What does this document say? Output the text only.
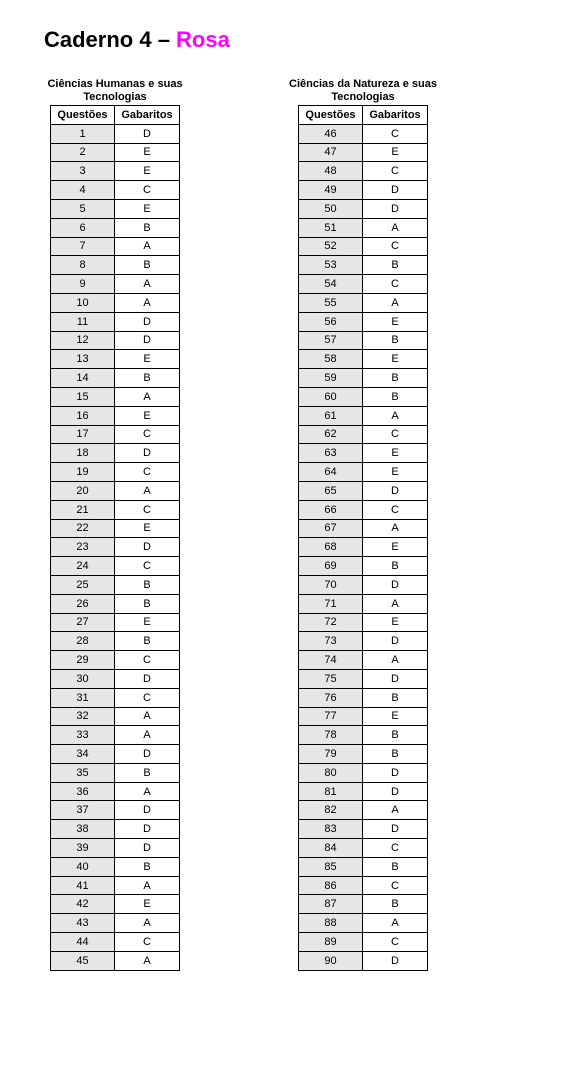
Caderno 4 – Rosa

Ciências Humanas e suas Tecnologias

Questões	Gabaritos
1	D
2	E
3	E
4	C
5	E
6	B
7	A
8	B
9	A
10	A
11	D
12	D
13	E
14	B
15	A
16	E
17	C
18	D
19	C
20	A
21	C
22	E
23	D
24	C
25	B
26	B
27	E
28	B
29	C
30	D
31	C
32	A
33	A
34	D
35	B
36	A
37	D
38	D
39	D
40	B
41	A
42	E
43	A
44	C
45	A

Ciências da Natureza e suas Tecnologias

Questões	Gabaritos
46	C
47	E
48	C
49	D
50	D
51	A
52	C
53	B
54	C
55	A
56	E
57	B
58	E
59	B
60	B
61	A
62	C
63	E
64	E
65	D
66	C
67	A
68	E
69	B
70	D
71	A
72	E
73	D
74	A
75	D
76	B
77	E
78	B
79	B
80	D
81	D
82	A
83	D
84	C
85	B
86	C
87	B
88	A
89	C
90	D
